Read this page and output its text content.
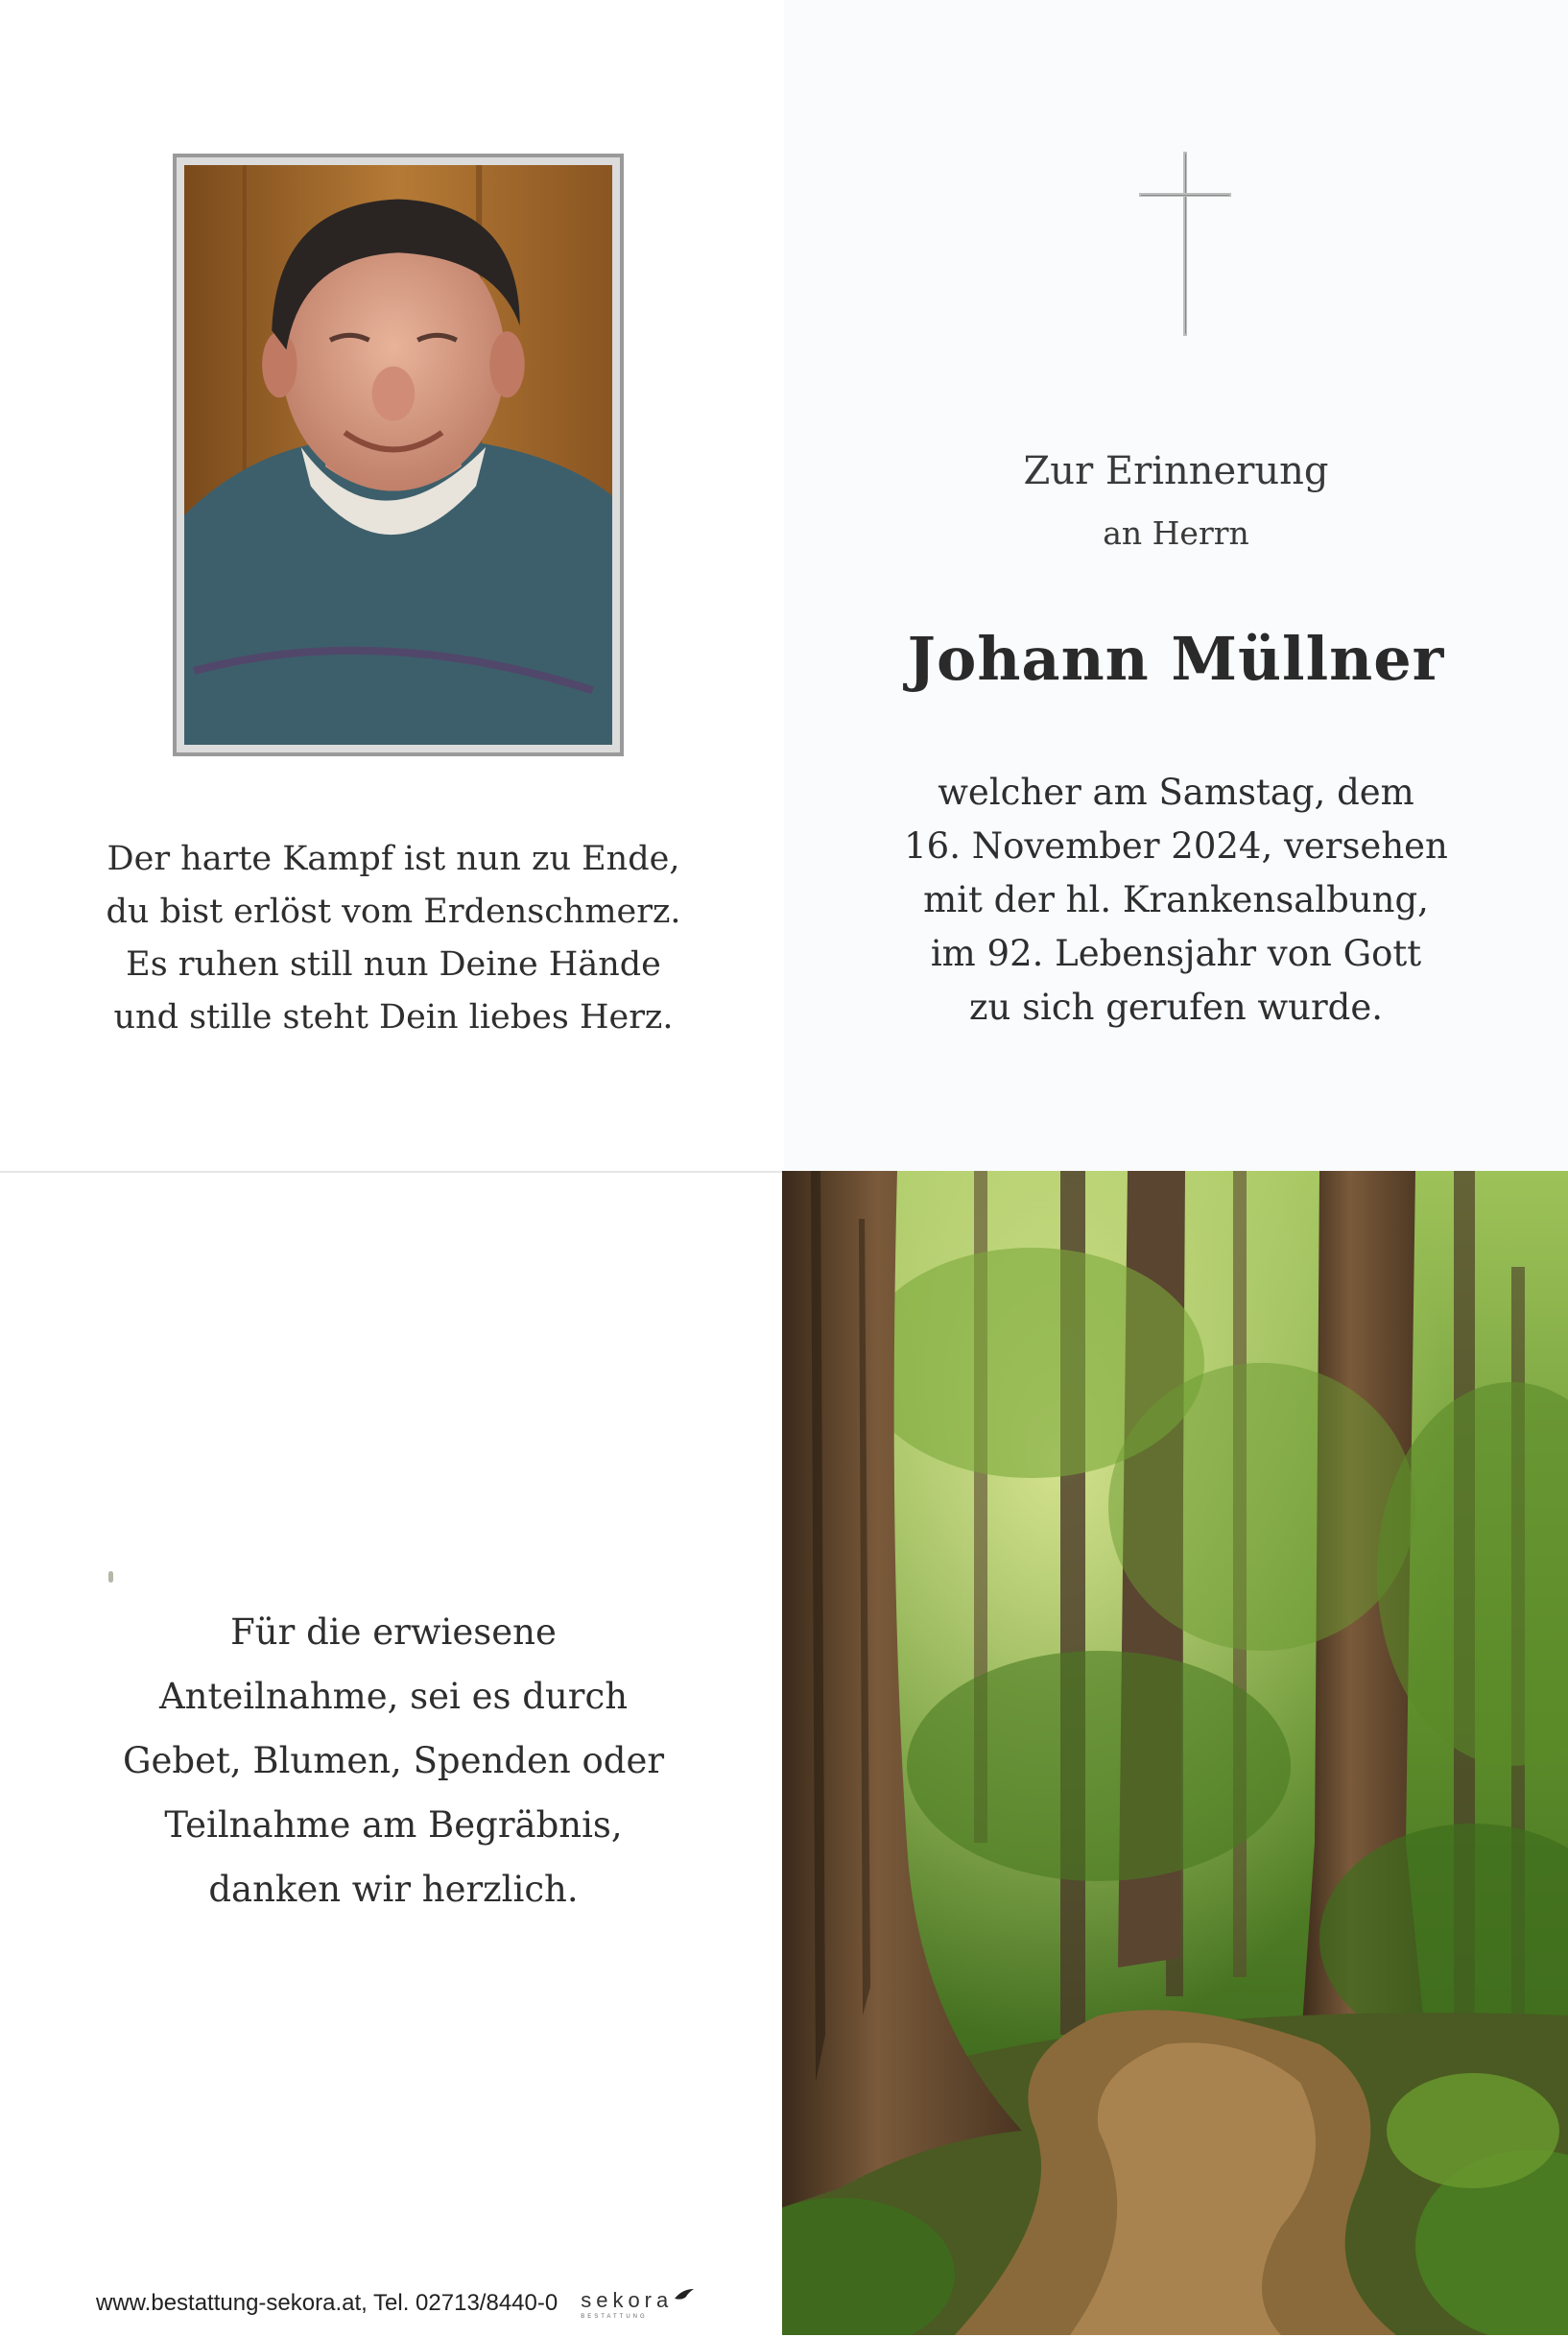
Der harte Kampf ist nun zu Ende,
du bist erlöst vom Erdenschmerz.
Es ruhen still nun Deine Hände
und stille steht Dein liebes Herz.
Zur Erinnerung
an Herrn
Johann Müllner
welcher am Samstag, dem
16. November 2024, versehen
mit der hl. Krankensalbung,
im 92. Lebensjahr von Gott
zu sich gerufen wurde.
Für die erwiesene
Anteilnahme, sei es durch
Gebet, Blumen, Spenden oder
Teilnahme am Begräbnis,
danken wir herzlich.
www.bestattung-sekora.at, Tel. 02713/8440-0 sekora
BESTATTUNG
